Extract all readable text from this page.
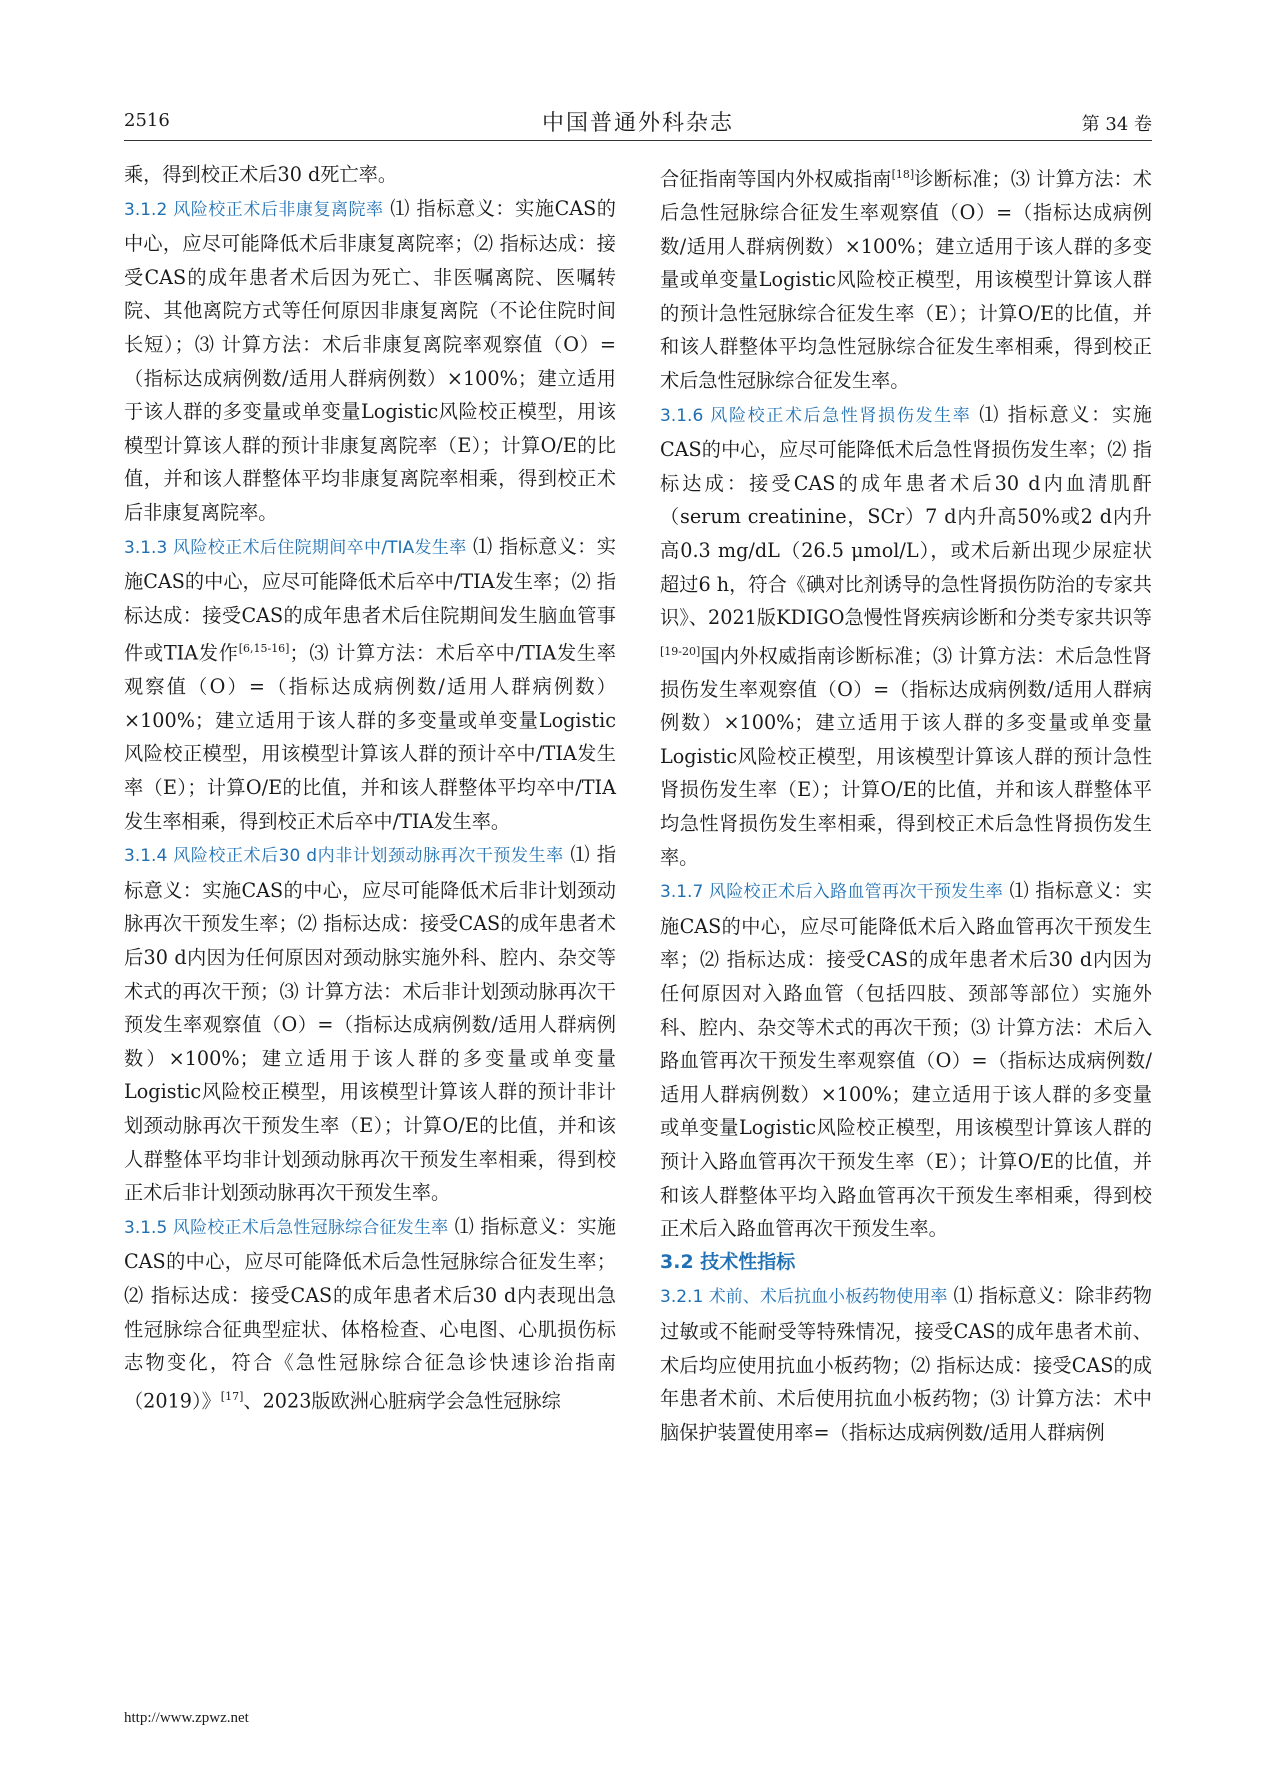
2516	中国普通外科杂志	第 34 卷

乘，得到校正术后30 d死亡率。

3.1.2 风险校正术后非康复离院率 ⑴ 指标意义：实施CAS的中心，应尽可能降低术后非康复离院率；⑵ 指标达成：接受CAS的成年患者术后因为死亡、非医嘱离院、医嘱转院、其他离院方式等任何原因非康复离院（不论住院时间长短）；⑶ 计算方法：术后非康复离院率观察值（O）=（指标达成病例数/适用人群病例数）×100%；建立适用于该人群的多变量或单变量Logistic风险校正模型，用该模型计算该人群的预计非康复离院率（E）；计算O/E的比值，并和该人群整体平均非康复离院率相乘，得到校正术后非康复离院率。

3.1.3 风险校正术后住院期间卒中/TIA发生率 ⑴ 指标意义：实施CAS的中心，应尽可能降低术后卒中/TIA发生率；⑵ 指标达成：接受CAS的成年患者术后住院期间发生脑血管事件或TIA发作[6,15-16]；⑶ 计算方法：术后卒中/TIA发生率观察值（O）=（指标达成病例数/适用人群病例数）×100%；建立适用于该人群的多变量或单变量Logistic风险校正模型，用该模型计算该人群的预计卒中/TIA发生率（E）；计算O/E的比值，并和该人群整体平均卒中/TIA发生率相乘，得到校正术后卒中/TIA发生率。

3.1.4 风险校正术后30 d内非计划颈动脉再次干预发生率 ⑴ 指标意义：实施CAS的中心，应尽可能降低术后非计划颈动脉再次干预发生率；⑵ 指标达成：接受CAS的成年患者术后30 d内因为任何原因对颈动脉实施外科、腔内、杂交等术式的再次干预；⑶ 计算方法：术后非计划颈动脉再次干预发生率观察值（O）=（指标达成病例数/适用人群病例数）×100%；建立适用于该人群的多变量或单变量Logistic风险校正模型，用该模型计算该人群的预计非计划颈动脉再次干预发生率（E）；计算O/E的比值，并和该人群整体平均非计划颈动脉再次干预发生率相乘，得到校正术后非计划颈动脉再次干预发生率。

3.1.5 风险校正术后急性冠脉综合征发生率 ⑴ 指标意义：实施CAS的中心，应尽可能降低术后急性冠脉综合征发生率；⑵ 指标达成：接受CAS的成年患者术后30 d内表现出急性冠脉综合征典型症状、体格检查、心电图、心肌损伤标志物变化，符合《急性冠脉综合征急诊快速诊治指南（2019）》[17]、2023版欧洲心脏病学会急性冠脉综

合征指南等国内外权威指南[18]诊断标准；⑶ 计算方法：术后急性冠脉综合征发生率观察值（O）=（指标达成病例数/适用人群病例数）×100%；建立适用于该人群的多变量或单变量Logistic风险校正模型，用该模型计算该人群的预计急性冠脉综合征发生率（E）；计算O/E的比值，并和该人群整体平均急性冠脉综合征发生率相乘，得到校正术后急性冠脉综合征发生率。

3.1.6 风险校正术后急性肾损伤发生率 ⑴ 指标意义：实施CAS的中心，应尽可能降低术后急性肾损伤发生率；⑵ 指标达成：接受CAS的成年患者术后30 d内血清肌酐（serum creatinine，SCr）7 d内升高50%或2 d内升高0.3 mg/dL（26.5 μmol/L），或术后新出现少尿症状超过6 h，符合《碘对比剂诱导的急性肾损伤防治的专家共识》、2021版KDIGO急慢性肾疾病诊断和分类专家共识等[19-20]国内外权威指南诊断标准；⑶ 计算方法：术后急性肾损伤发生率观察值（O）=（指标达成病例数/适用人群病例数）×100%；建立适用于该人群的多变量或单变量Logistic风险校正模型，用该模型计算该人群的预计急性肾损伤发生率（E）；计算O/E的比值，并和该人群整体平均急性肾损伤发生率相乘，得到校正术后急性肾损伤发生率。

3.1.7 风险校正术后入路血管再次干预发生率 ⑴ 指标意义：实施CAS的中心，应尽可能降低术后入路血管再次干预发生率；⑵ 指标达成：接受CAS的成年患者术后30 d内因为任何原因对入路血管（包括四肢、颈部等部位）实施外科、腔内、杂交等术式的再次干预；⑶ 计算方法：术后入路血管再次干预发生率观察值（O）=（指标达成病例数/适用人群病例数）×100%；建立适用于该人群的多变量或单变量Logistic风险校正模型，用该模型计算该人群的预计入路血管再次干预发生率（E）；计算O/E的比值，并和该人群整体平均入路血管再次干预发生率相乘，得到校正术后入路血管再次干预发生率。

3.2 技术性指标

3.2.1 术前、术后抗血小板药物使用率 ⑴ 指标意义：除非药物过敏或不能耐受等特殊情况，接受CAS的成年患者术前、术后均应使用抗血小板药物；⑵ 指标达成：接受CAS的成年患者术前、术后使用抗血小板药物；⑶ 计算方法：术中脑保护装置使用率=（指标达成病例数/适用人群病例

http://www.zpwz.net
